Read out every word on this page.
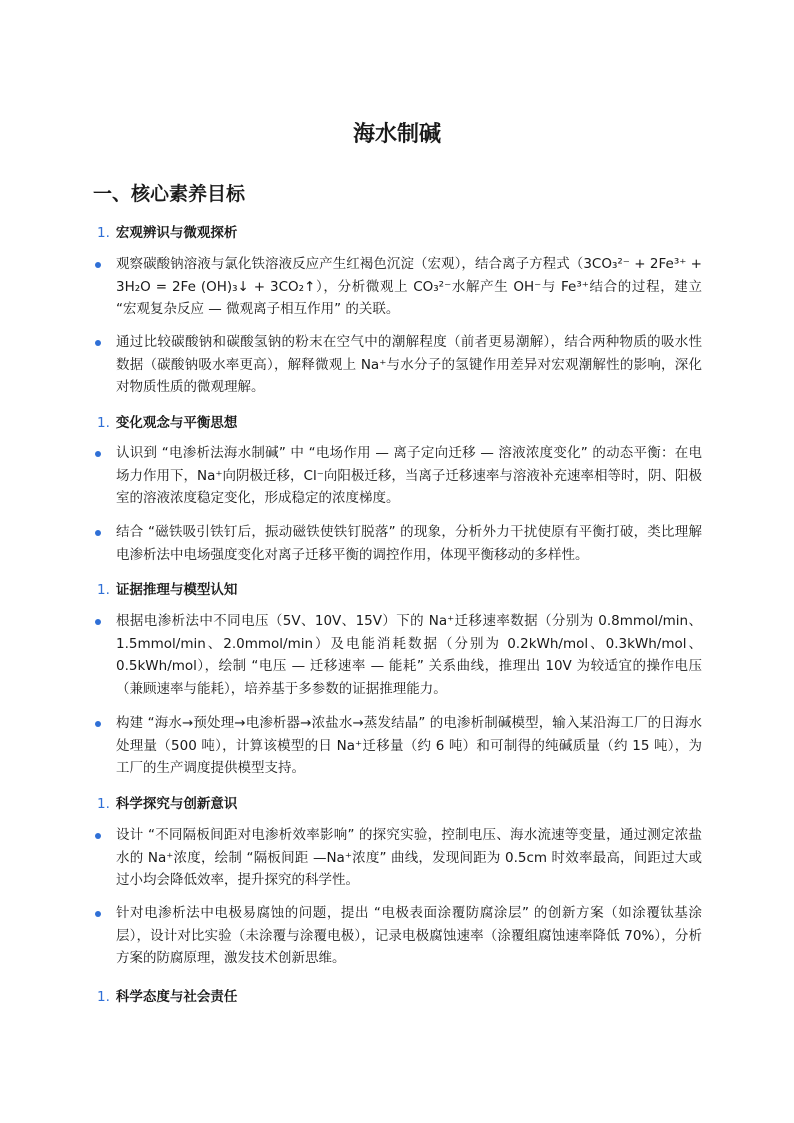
海水制碱
一、核心素养目标
1. 宏观辨识与微观探析
观察碳酸钠溶液与氯化铁溶液反应产生红褐色沉淀（宏观），结合离子方程式（3CO₃²⁻ + 2Fe³⁺ + 3H₂O = 2Fe (OH)₃↓ + 3CO₂↑），分析微观上 CO₃²⁻水解产生 OH⁻与 Fe³⁺结合的过程，建立 “宏观复杂反应 — 微观离子相互作用” 的关联。
通过比较碳酸钠和碳酸氢钠的粉末在空气中的潮解程度（前者更易潮解），结合两种物质的吸水性数据（碳酸钠吸水率更高），解释微观上 Na⁺与水分子的氢键作用差异对宏观潮解性的影响，深化对物质性质的微观理解。
1. 变化观念与平衡思想
认识到 “电渗析法海水制碱” 中 “电场作用 — 离子定向迁移 — 溶液浓度变化” 的动态平衡：在电场力作用下，Na⁺向阴极迁移，Cl⁻向阳极迁移，当离子迁移速率与溶液补充速率相等时，阴、阳极室的溶液浓度稳定变化，形成稳定的浓度梯度。
结合 “磁铁吸引铁钉后，振动磁铁使铁钉脱落” 的现象，分析外力干扰使原有平衡打破，类比理解电渗析法中电场强度变化对离子迁移平衡的调控作用，体现平衡移动的多样性。
1. 证据推理与模型认知
根据电渗析法中不同电压（5V、10V、15V）下的 Na⁺迁移速率数据（分别为 0.8mmol/min、1.5mmol/min、2.0mmol/min）及电能消耗数据（分别为 0.2kWh/mol、0.3kWh/mol、0.5kWh/mol），绘制 “电压 — 迁移速率 — 能耗” 关系曲线，推理出 10V 为较适宜的操作电压（兼顾速率与能耗），培养基于多参数的证据推理能力。
构建 “海水→预处理→电渗析器→浓盐水→蒸发结晶” 的电渗析制碱模型，输入某沿海工厂的日海水处理量（500 吨），计算该模型的日 Na⁺迁移量（约 6 吨）和可制得的纯碱质量（约 15 吨），为工厂的生产调度提供模型支持。
1. 科学探究与创新意识
设计 “不同隔板间距对电渗析效率影响” 的探究实验，控制电压、海水流速等变量，通过测定浓盐水的 Na⁺浓度，绘制 “隔板间距 —Na⁺浓度” 曲线，发现间距为 0.5cm 时效率最高，间距过大或过小均会降低效率，提升探究的科学性。
针对电渗析法中电极易腐蚀的问题，提出 “电极表面涂覆防腐涂层” 的创新方案（如涂覆钛基涂层），设计对比实验（未涂覆与涂覆电极），记录电极腐蚀速率（涂覆组腐蚀速率降低 70%），分析方案的防腐原理，激发技术创新思维。
1. 科学态度与社会责任
